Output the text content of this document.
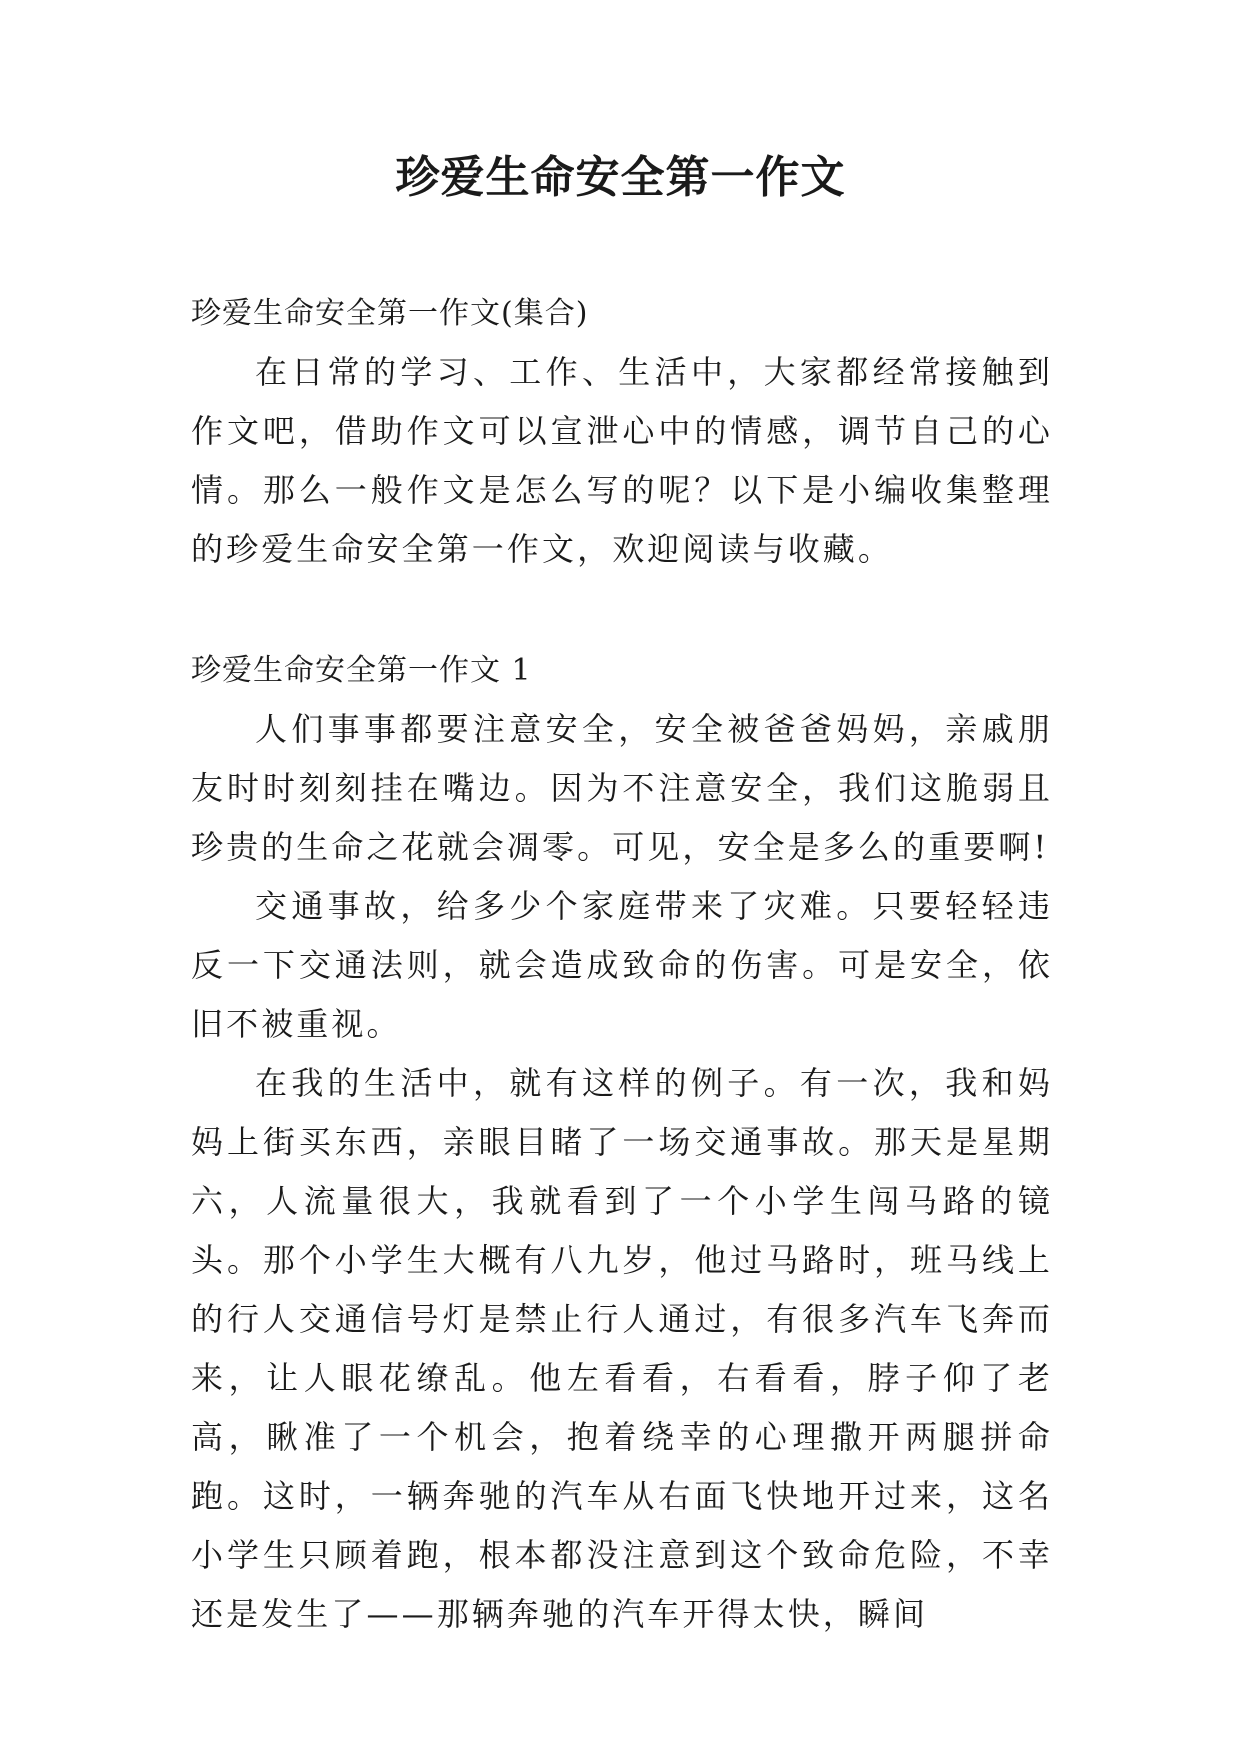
珍爱生命安全第一作文

珍爱生命安全第一作文(集合)

在日常的学习、工作、生活中，大家都经常接触到作文吧，借助作文可以宣泄心中的情感，调节自己的心情。那么一般作文是怎么写的呢？以下是小编收集整理的珍爱生命安全第一作文，欢迎阅读与收藏。

珍爱生命安全第一作文 1

人们事事都要注意安全，安全被爸爸妈妈，亲戚朋友时时刻刻挂在嘴边。因为不注意安全，我们这脆弱且珍贵的生命之花就会凋零。可见，安全是多么的重要啊!

交通事故，给多少个家庭带来了灾难。只要轻轻违反一下交通法则，就会造成致命的伤害。可是安全，依旧不被重视。

在我的生活中，就有这样的例子。有一次，我和妈妈上街买东西，亲眼目睹了一场交通事故。那天是星期六，人流量很大，我就看到了一个小学生闯马路的镜头。那个小学生大概有八九岁，他过马路时，班马线上的行人交通信号灯是禁止行人通过，有很多汽车飞奔而来，让人眼花缭乱。他左看看，右看看，脖子仰了老高，瞅准了一个机会，抱着绕幸的心理撒开两腿拼命跑。这时，一辆奔驰的汽车从右面飞快地开过来，这名小学生只顾着跑，根本都没注意到这个致命危险，不幸还是发生了——那辆奔驰的汽车开得太快，瞬间
